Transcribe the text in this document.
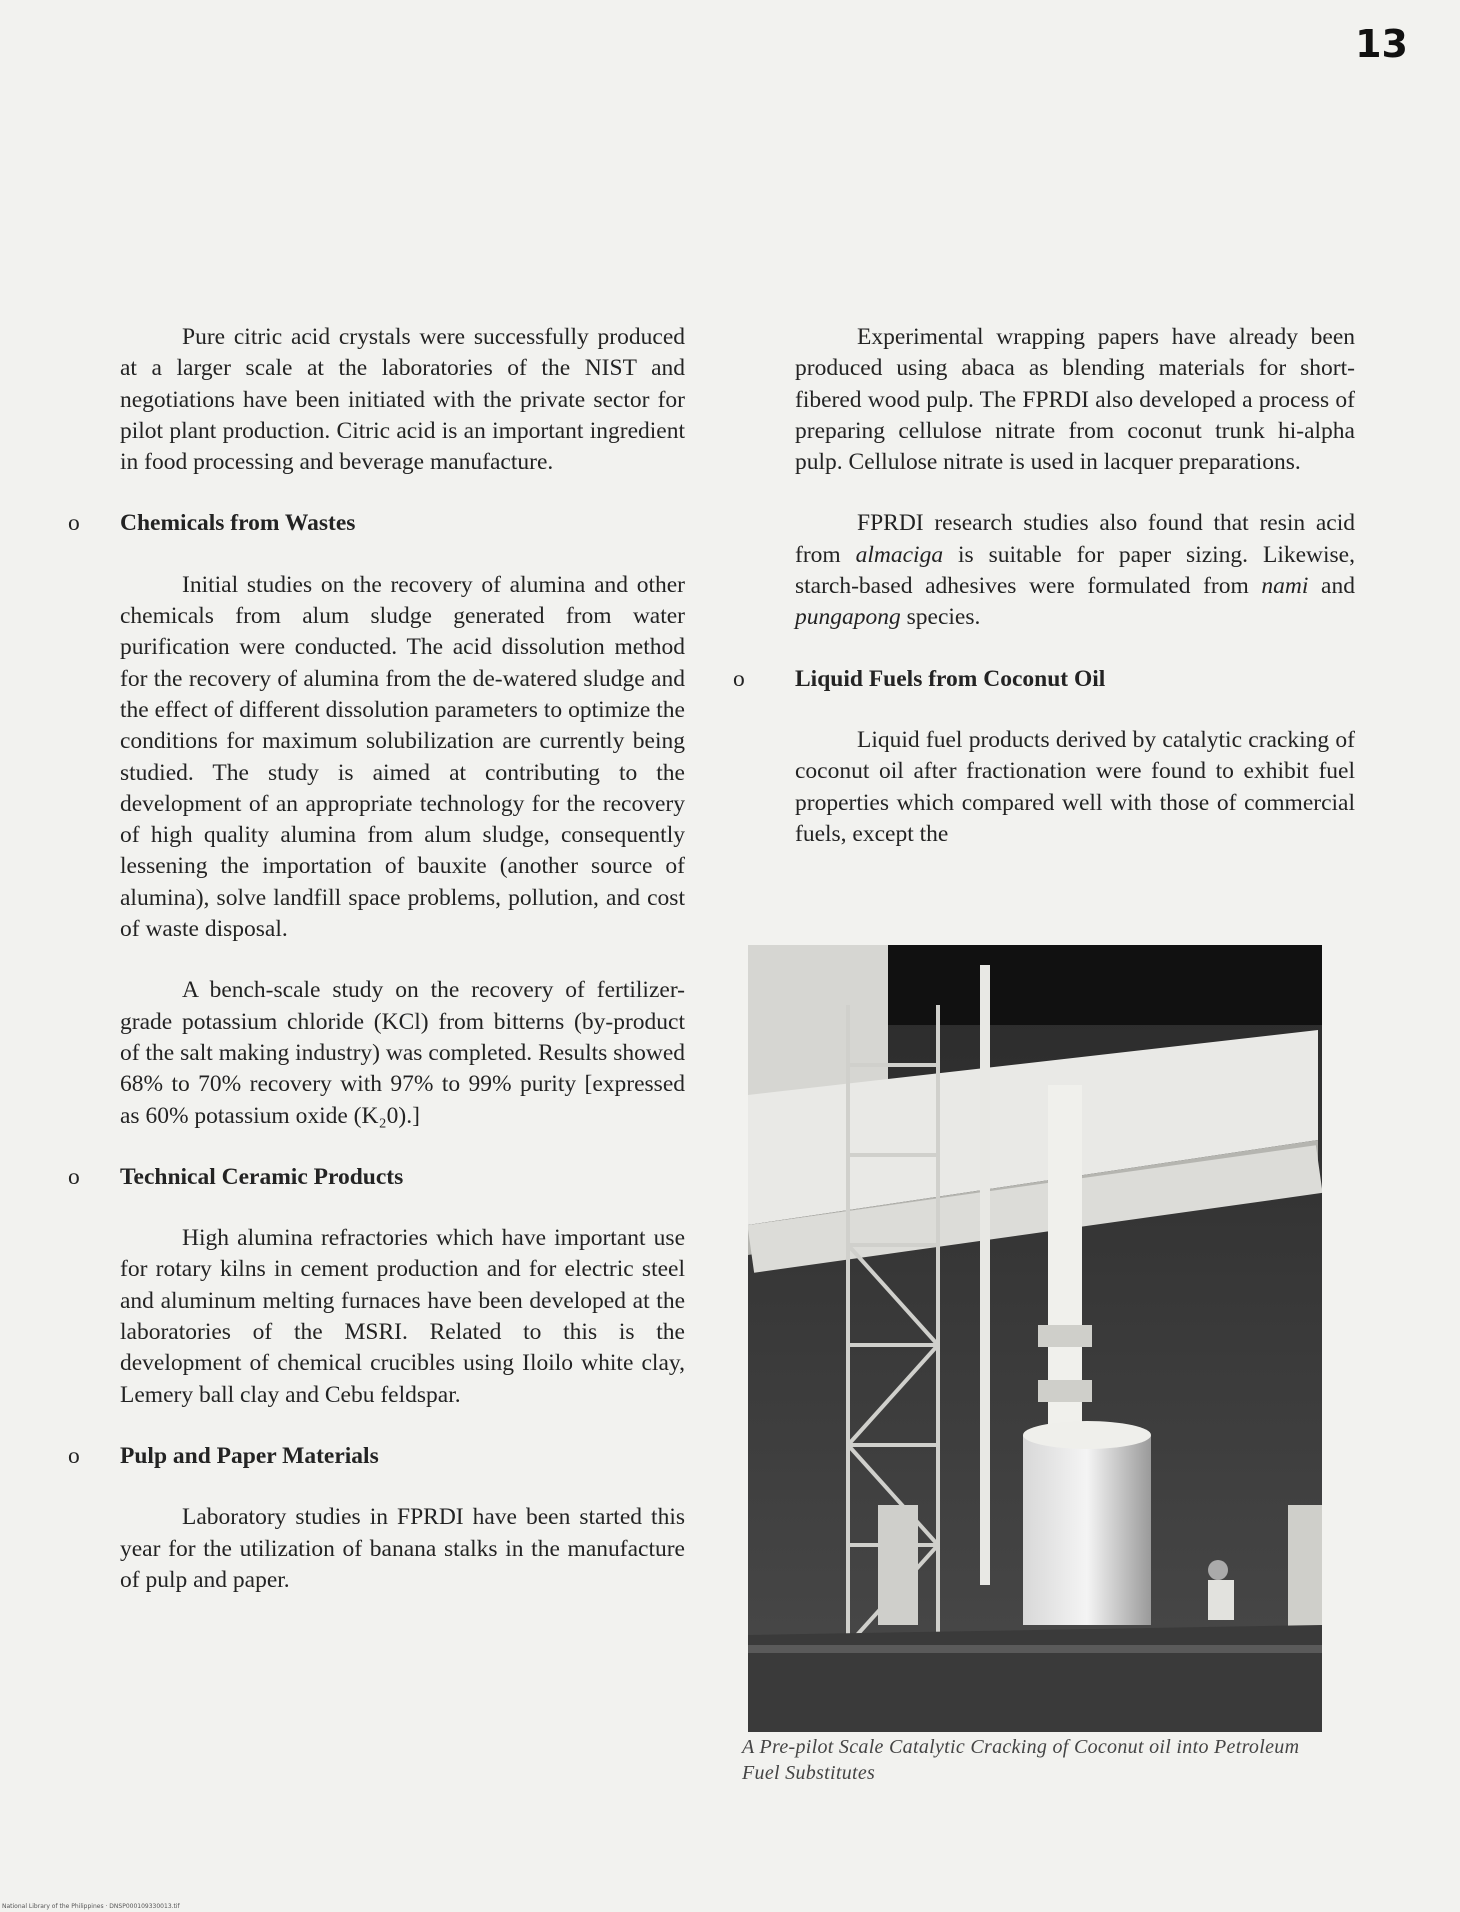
13

Pure citric acid crystals were successfully produced at a larger scale at the laboratories of the NIST and negotiations have been initiated with the private sector for pilot plant production. Citric acid is an important ingredient in food processing and beverage manufacture.

o Chemicals from Wastes

Initial studies on the recovery of alumina and other chemicals from alum sludge generated from water purification were conducted. The acid dissolution method for the recovery of alumina from the de-watered sludge and the effect of different dissolution parameters to optimize the conditions for maximum solubilization are currently being studied. The study is aimed at contributing to the development of an appropriate technology for the recovery of high quality alumina from alum sludge, consequently lessening the importation of bauxite (another source of alumina), solve landfill space problems, pollution, and cost of waste disposal.

A bench-scale study on the recovery of fertilizer-grade potassium chloride (KCl) from bitterns (by-product of the salt making industry) was completed. Results showed 68% to 70% recovery with 97% to 99% purity [expressed as 60% potassium oxide (K₂0).]

o Technical Ceramic Products

High alumina refractories which have important use for rotary kilns in cement production and for electric steel and aluminum melting furnaces have been developed at the laboratories of the MSRI. Related to this is the development of chemical crucibles using Iloilo white clay, Lemery ball clay and Cebu feldspar.

o Pulp and Paper Materials

Laboratory studies in FPRDI have been started this year for the utilization of banana stalks in the manufacture of pulp and paper.

Experimental wrapping papers have already been produced using abaca as blending materials for short-fibered wood pulp. The FPRDI also developed a process of preparing cellulose nitrate from coconut trunk hi-alpha pulp. Cellulose nitrate is used in lacquer preparations.

FPRDI research studies also found that resin acid from almaciga is suitable for paper sizing. Likewise, starch-based adhesives were formulated from nami and pungapong species.

o Liquid Fuels from Coconut Oil

Liquid fuel products derived by catalytic cracking of coconut oil after fractionation were found to exhibit fuel properties which compared well with those of commercial fuels, except the

A Pre-pilot Scale Catalytic Cracking of Coconut oil into Petroleum Fuel Substitutes
National Library of the Philippines · DNSP000109330013.tif
